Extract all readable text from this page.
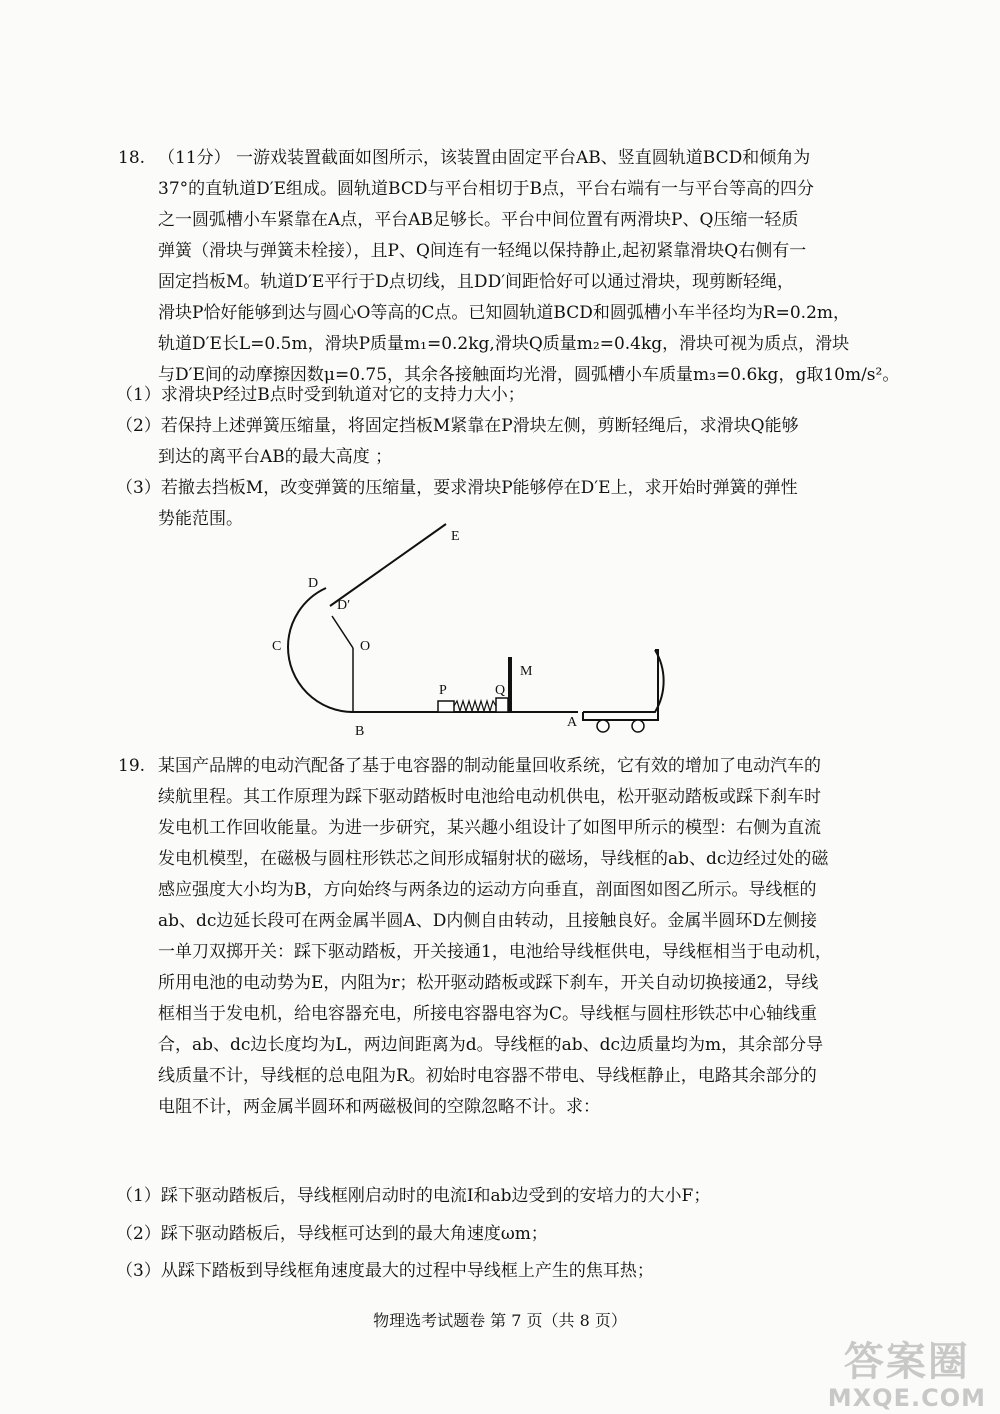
18. （11分） 一游戏装置截面如图所示，该装置由固定平台AB、竖直圆轨道BCD和倾角为
37°的直轨道D′E组成。圆轨道BCD与平台相切于B点，平台右端有一与平台等高的四分
之一圆弧槽小车紧靠在A点，平台AB足够长。平台中间位置有两滑块P、Q压缩一轻质
弹簧（滑块与弹簧未栓接），且P、Q间连有一轻绳以保持静止,起初紧靠滑块Q右侧有一
固定挡板M。轨道D′E平行于D点切线，且DD′间距恰好可以通过滑块，现剪断轻绳，
滑块P恰好能够到达与圆心O等高的C点。已知圆轨道BCD和圆弧槽小车半径均为R=0.2m，
轨道D′E长L=0.5m，滑块P质量m₁=0.2kg,滑块Q质量m₂=0.4kg，滑块可视为质点，滑块
与D′E间的动摩擦因数μ=0.75，其余各接触面均光滑，圆弧槽小车质量m₃=0.6kg，g取10m/s²。
（1）求滑块P经过B点时受到轨道对它的支持力大小；
（2）若保持上述弹簧压缩量，将固定挡板M紧靠在P滑块左侧，剪断轻绳后，求滑块Q能够
到达的离平台AB的最大高度 ；
（3）若撤去挡板M，改变弹簧的压缩量，要求滑块P能够停在D′E上，求开始时弹簧的弹性
势能范围。
E
D
D′
C	O
M
P	Q
B
A
19. 某国产品牌的电动汽配备了基于电容器的制动能量回收系统，它有效的增加了电动汽车的
续航里程。其工作原理为踩下驱动踏板时电池给电动机供电，松开驱动踏板或踩下刹车时
发电机工作回收能量。为进一步研究，某兴趣小组设计了如图甲所示的模型：右侧为直流
发电机模型，在磁极与圆柱形铁芯之间形成辐射状的磁场，导线框的ab、dc边经过处的磁
感应强度大小均为B，方向始终与两条边的运动方向垂直，剖面图如图乙所示。导线框的
ab、dc边延长段可在两金属半圆A、D内侧自由转动，且接触良好。金属半圆环D左侧接
一单刀双掷开关：踩下驱动踏板，开关接通1，电池给导线框供电，导线框相当于电动机，
所用电池的电动势为E，内阻为r；松开驱动踏板或踩下刹车，开关自动切换接通2，导线
框相当于发电机，给电容器充电，所接电容器电容为C。导线框与圆柱形铁芯中心轴线重
合，ab、dc边长度均为L，两边间距离为d。导线框的ab、dc边质量均为m，其余部分导
线质量不计，导线框的总电阻为R。初始时电容器不带电、导线框静止，电路其余部分的
电阻不计，两金属半圆环和两磁极间的空隙忽略不计。求：
（1）踩下驱动踏板后，导线框刚启动时的电流I和ab边受到的安培力的大小F；
（2）踩下驱动踏板后，导线框可达到的最大角速度ωm；
（3）从踩下踏板到导线框角速度最大的过程中导线框上产生的焦耳热；
物理选考试题卷 第 7 页（共 8 页）
答案圈
MXQE.COM
